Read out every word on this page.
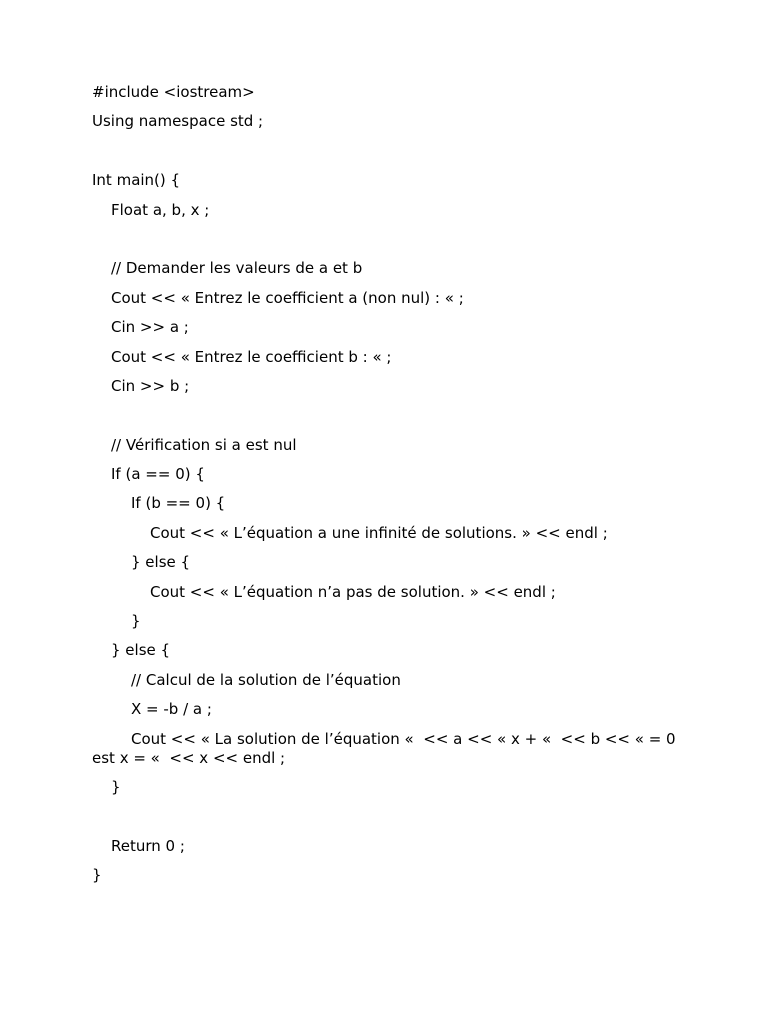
#include <iostream>
Using namespace std ;
Int main() {
Float a, b, x ;
// Demander les valeurs de a et b
Cout << « Entrez le coefficient a (non nul) : « ;
Cin >> a ;
Cout << « Entrez le coefficient b : « ;
Cin >> b ;
// Vérification si a est nul
If (a == 0) {
If (b == 0) {
Cout << « L’équation a une infinité de solutions. » << endl ;
} else {
Cout << « L’équation n’a pas de solution. » << endl ;
}
} else {
// Calcul de la solution de l’équation
X = -b / a ;
Cout << « La solution de l’équation «  << a << « x + «  << b << « = 0 est x = «  << x << endl ;
}
Return 0 ;
}
